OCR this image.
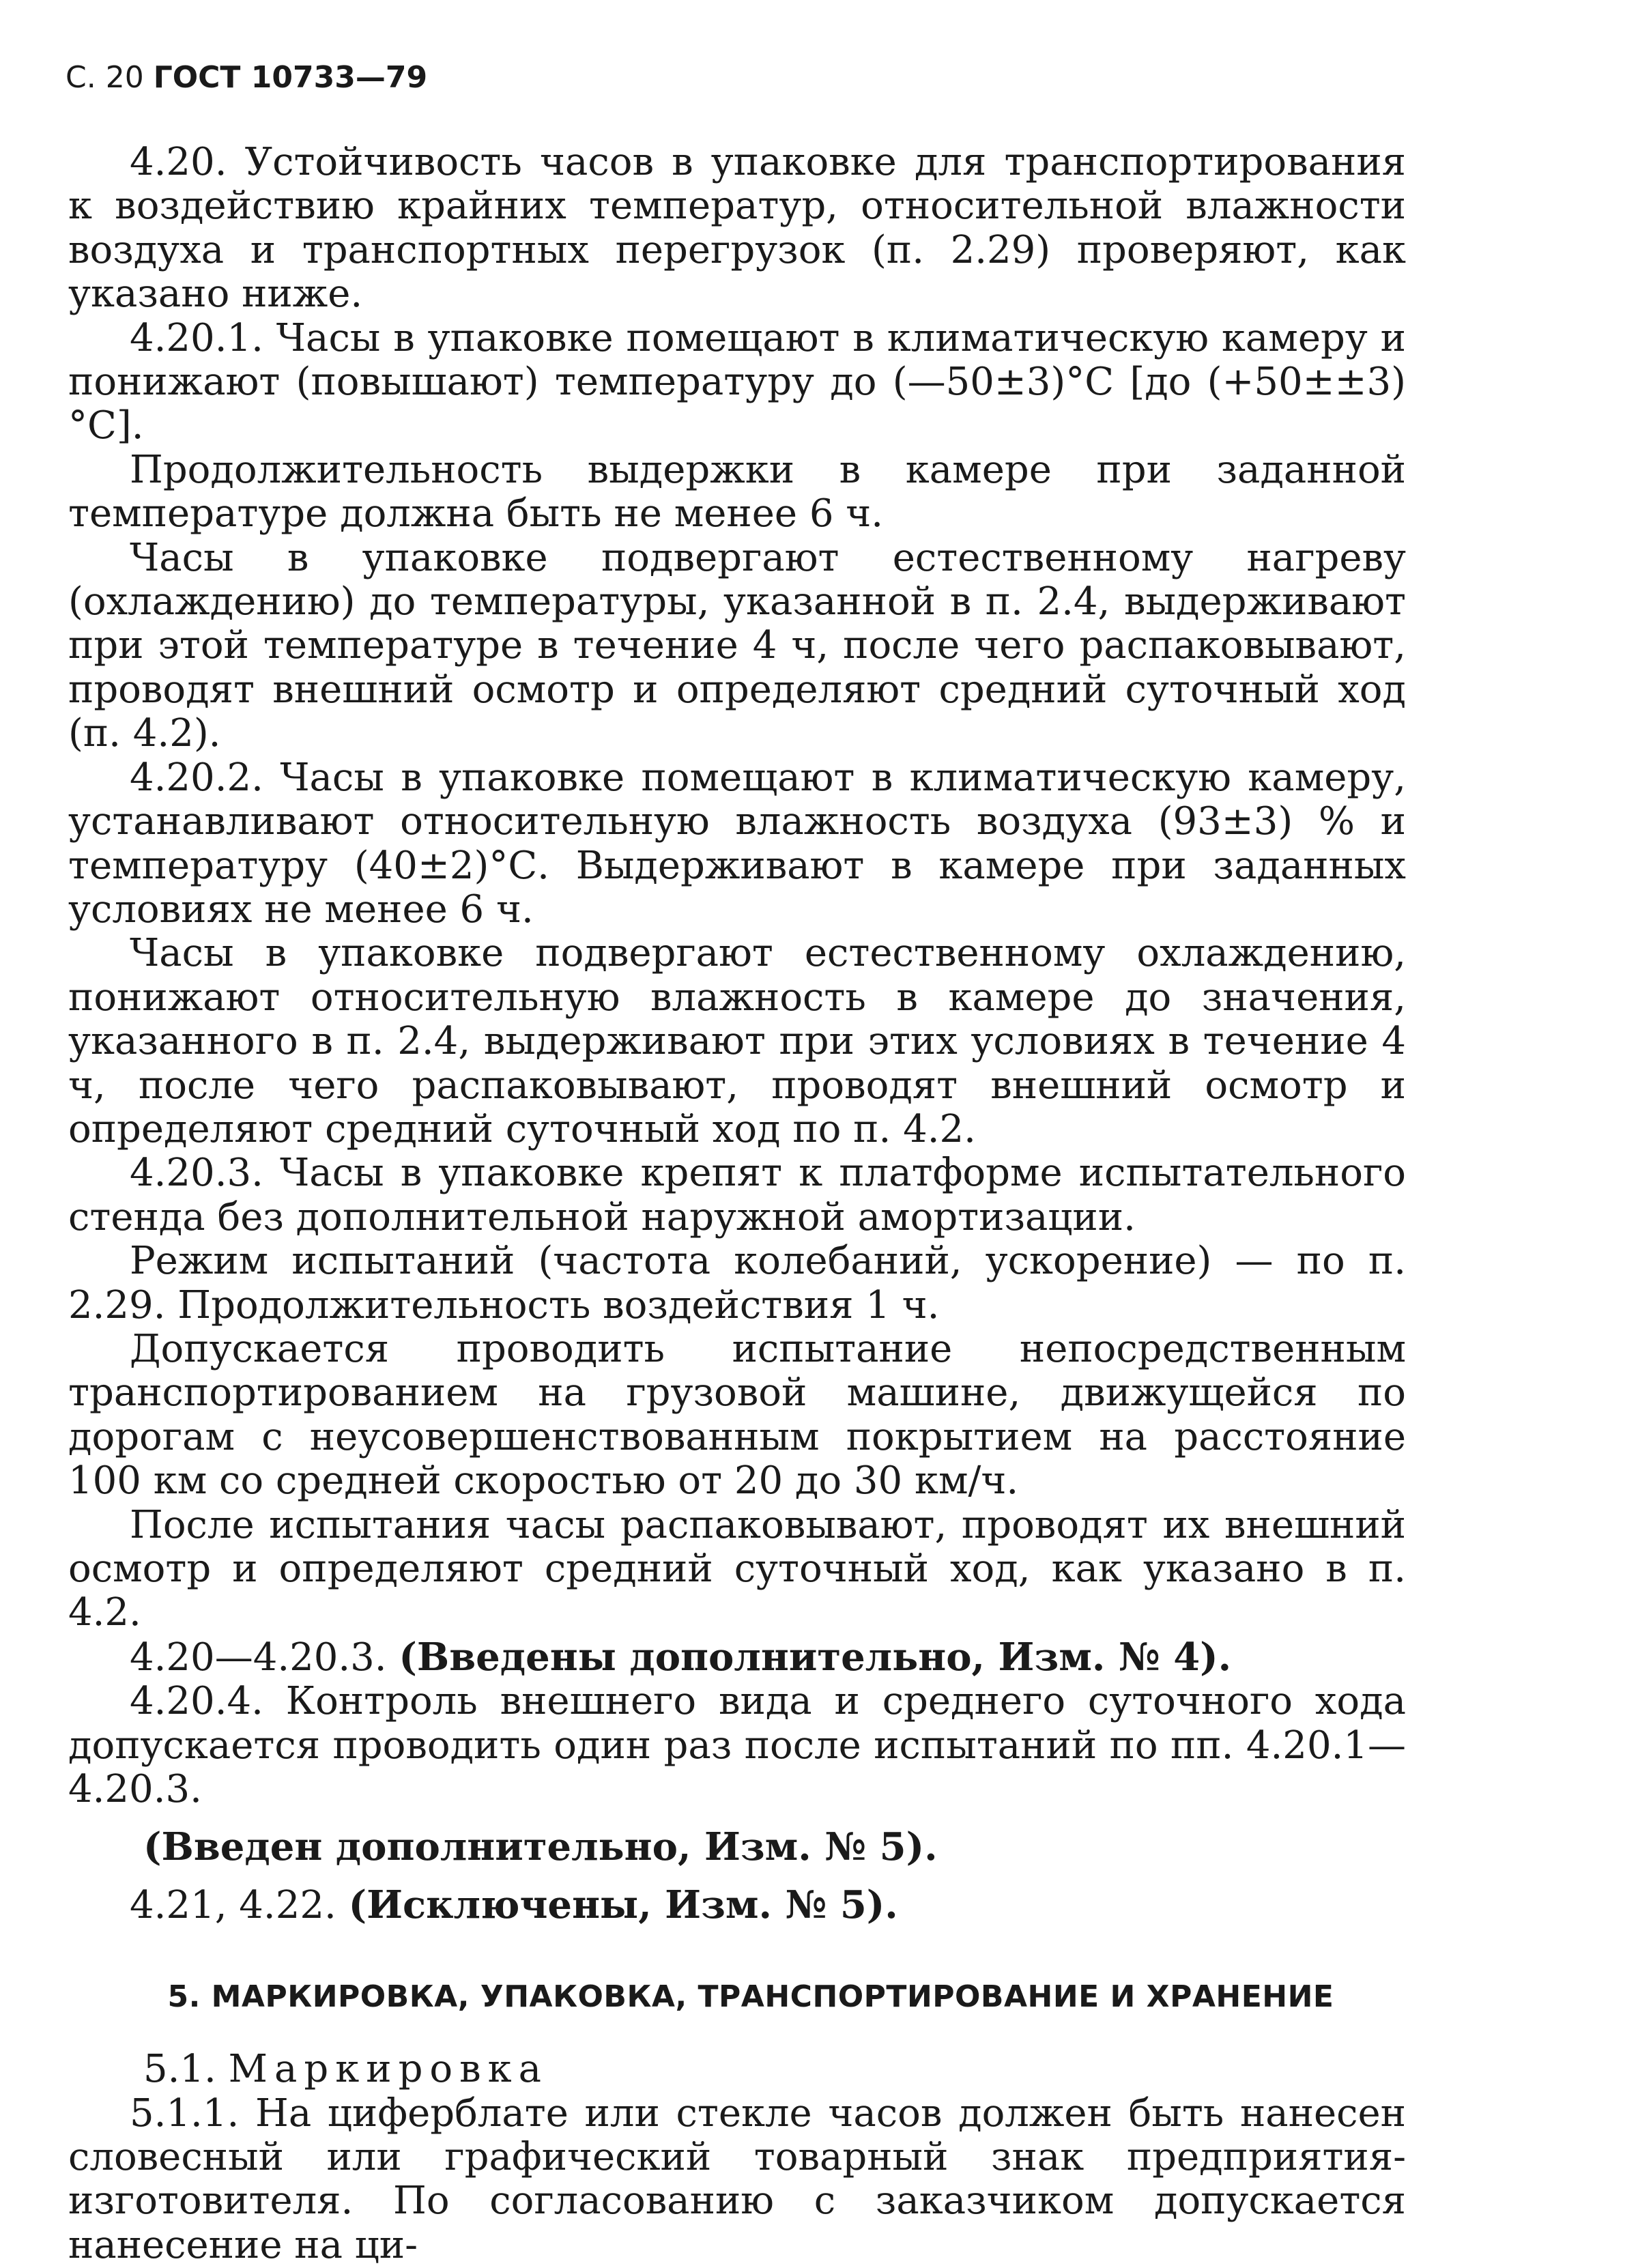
С. 20 ГОСТ 10733—79

4.20. Устойчивость часов в упаковке для транспортирования к воздействию крайних температур, относительной влажности воздуха и транспортных перегрузок (п. 2.29) проверяют, как указано ниже.

4.20.1. Часы в упаковке помещают в климатическую камеру и понижают (повышают) температуру до (—50±3)°С [до (+50±±3)°С].

Продолжительность выдержки в камере при заданной температуре должна быть не менее 6 ч.

Часы в упаковке подвергают естественному нагреву (охлаждению) до температуры, указанной в п. 2.4, выдерживают при этой температуре в течение 4 ч, после чего распаковывают, проводят внешний осмотр и определяют средний суточный ход (п. 4.2).

4.20.2. Часы в упаковке помещают в климатическую камеру, устанавливают относительную влажность воздуха (93±3) % и температуру (40±2)°С. Выдерживают в камере при заданных условиях не менее 6 ч.

Часы в упаковке подвергают естественному охлаждению, понижают относительную влажность в камере до значения, указанного в п. 2.4, выдерживают при этих условиях в течение 4 ч, после чего распаковывают, проводят внешний осмотр и определяют средний суточный ход по п. 4.2.

4.20.3. Часы в упаковке крепят к платформе испытательного стенда без дополнительной наружной амортизации.

Режим испытаний (частота колебаний, ускорение) — по п. 2.29. Продолжительность воздействия 1 ч.

Допускается проводить испытание непосредственным транспортированием на грузовой машине, движущейся по дорогам с неусовершенствованным покрытием на расстояние 100 км со средней скоростью от 20 до 30 км/ч.

После испытания часы распаковывают, проводят их внешний осмотр и определяют средний суточный ход, как указано в п. 4.2.

4.20—4.20.3. (Введены дополнительно, Изм. № 4).

4.20.4. Контроль внешнего вида и среднего суточного хода допускается проводить один раз после испытаний по пп. 4.20.1—4.20.3.

(Введен дополнительно, Изм. № 5).

4.21, 4.22. (Исключены, Изм. № 5).

5. МАРКИРОВКА, УПАКОВКА, ТРАНСПОРТИРОВАНИЕ И ХРАНЕНИЕ

5.1. Маркировка

5.1.1. На циферблате или стекле часов должен быть нанесен словесный или графический товарный знак предприятия-изготовителя. По согласованию с заказчиком допускается нанесение на ци-
